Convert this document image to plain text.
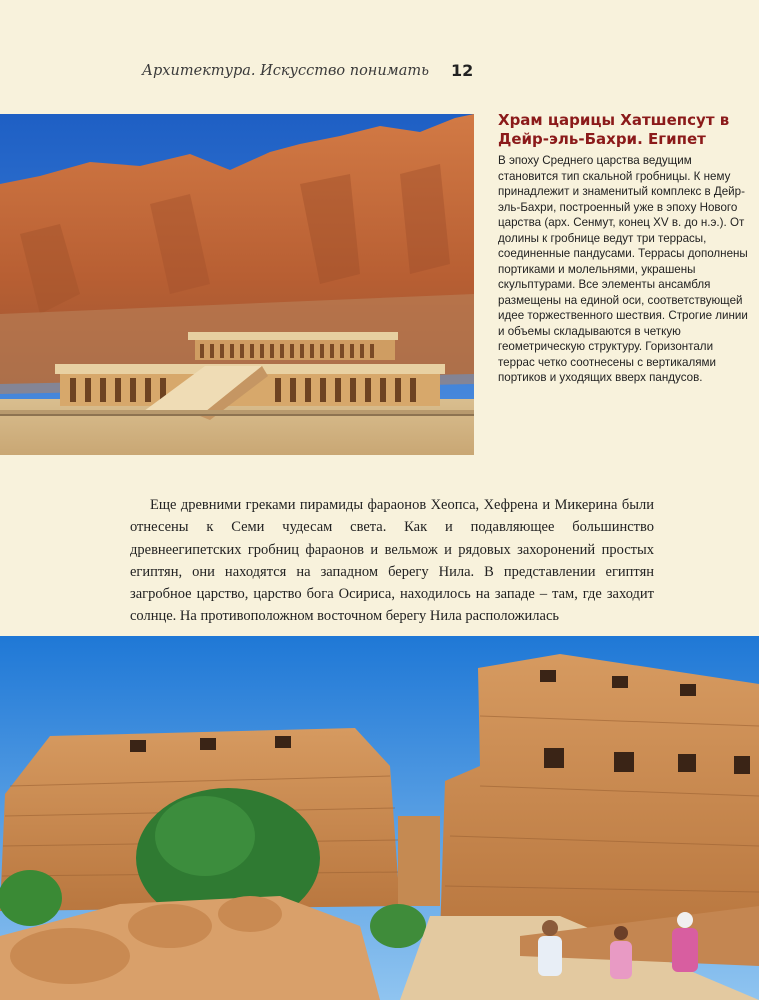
Архитектура. Искусство понимать 12
Храм царицы Хатшепсут в Дейр-эль-Бахри. Египет

В эпоху Среднего царства ведущим становится тип скальной гробницы. К нему принадлежит и знаменитый комплекс в Дейр-эль-Бахри, построенный уже в эпоху Нового царства (арх. Сенмут, конец XV в. до н.э.). От долины к гробнице ведут три террасы, соединенные пандусами. Террасы дополнены портиками и молельнями, украшены скульптурами. Все элементы ансамбля размещены на единой оси, соответствующей идее торжественного шествия. Строгие линии и объемы складываются в четкую геометрическую структуру. Горизонтали террас четко соотнесены с вертикалями портиков и уходящих вверх пандусов.

Еще древними греками пирамиды фараонов Хеопса, Хефрена и Микерина были отнесены к Семи чудесам света. Как и подавляющее большинство древнеегипетских гробниц фараонов и вельмож и рядовых захоронений простых египтян, они находятся на западном берегу Нила. В представлении египтян загробное царство, царство бога Осириса, находилось на западе – там, где заходит солнце. На противоположном восточном берегу Нила расположилась
